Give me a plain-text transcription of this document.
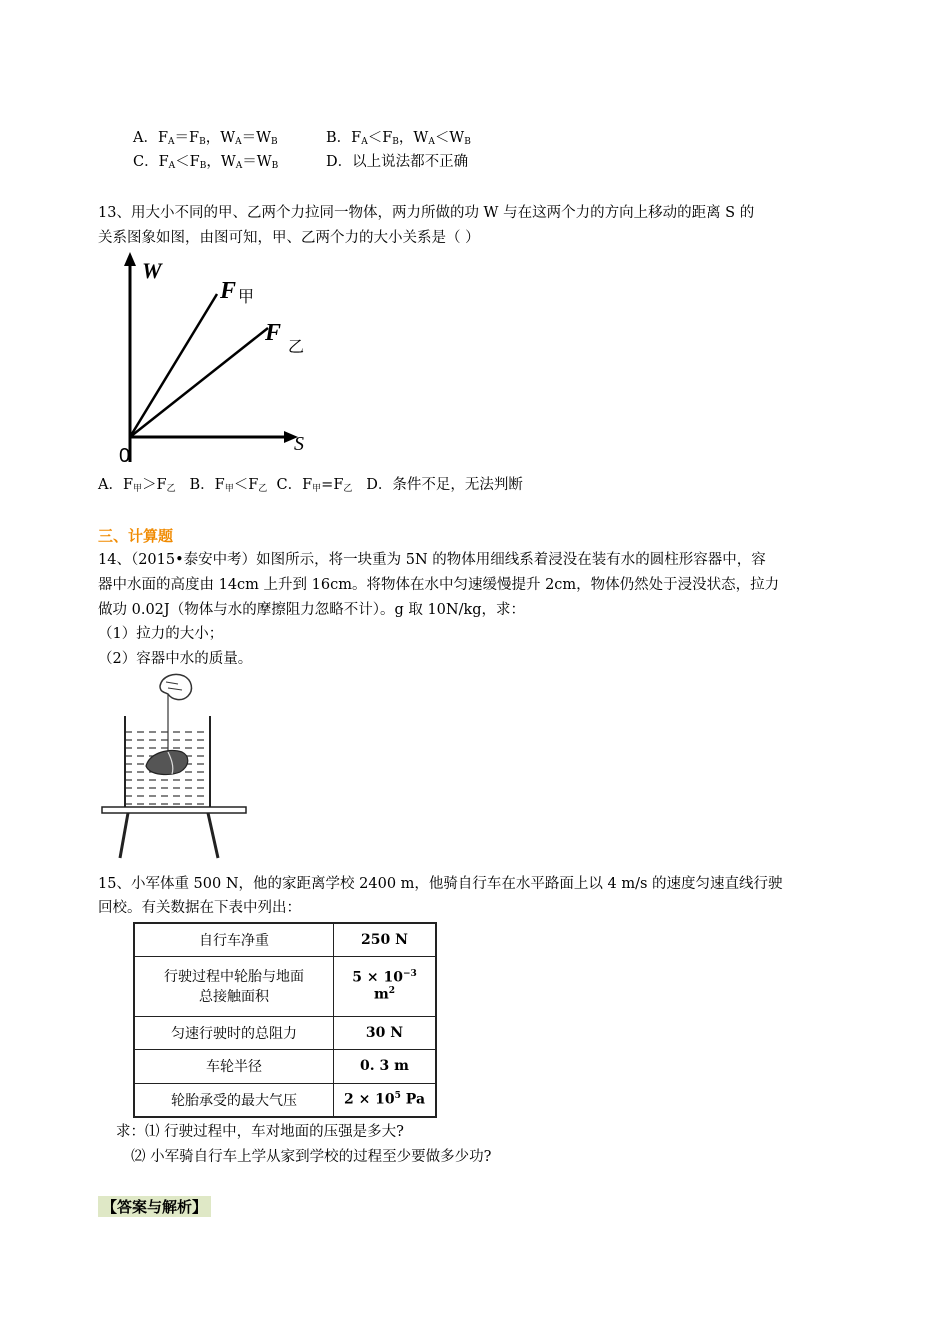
A．$F_A=F_B$，$W_A=W_B$	B．$F_A<F_B$，$W_A<W_B$
C．$F_A<F_B$，$W_A=W_B$	D．以上说法都不正确
13、用大小不同的甲、乙两个力拉同一物体，两力所做的功 W 与在这两个力的方向上移动的距离 S 的
关系图象如图，由图可知，甲、乙两个力的大小关系是（ ）
W
S
0
F 甲
F
乙
A．$F_甲>F_乙$ B．$F_甲<F_乙$ C．$F_甲=F_乙$ D．条件不足，无法判断
三、计算题
14、（2015•泰安中考）如图所示，将一块重为 5N 的物体用细线系着浸没在装有水的圆柱形容器中，容
器中水面的高度由 14cm 上升到 16cm。将物体在水中匀速缓慢提升 2cm，物体仍然处于浸没状态，拉力
做功 0.02J（物体与水的摩擦阻力忽略不计）。g 取 10N/kg，求：
（1）拉力的大小；
（2）容器中水的质量。
15、小军体重 500 N，他的家距离学校 2400 m，他骑自行车在水平路面上以 4 m/s 的速度匀速直线行驶
回校。有关数据在下表中列出：
自行车净重	250 N
行驶过程中轮胎与地面
总接触面积	$5 \times 10^{-3}$ $m^2$
匀速行驶时的总阻力	30 N
车轮半径	0. 3 m
轮胎承受的最大气压	$2 \times 10^5$ Pa
求：⑴ 行驶过程中，车对地面的压强是多大?
⑵ 小军骑自行车上学从家到学校的过程至少要做多少功?
【答案与解析】
